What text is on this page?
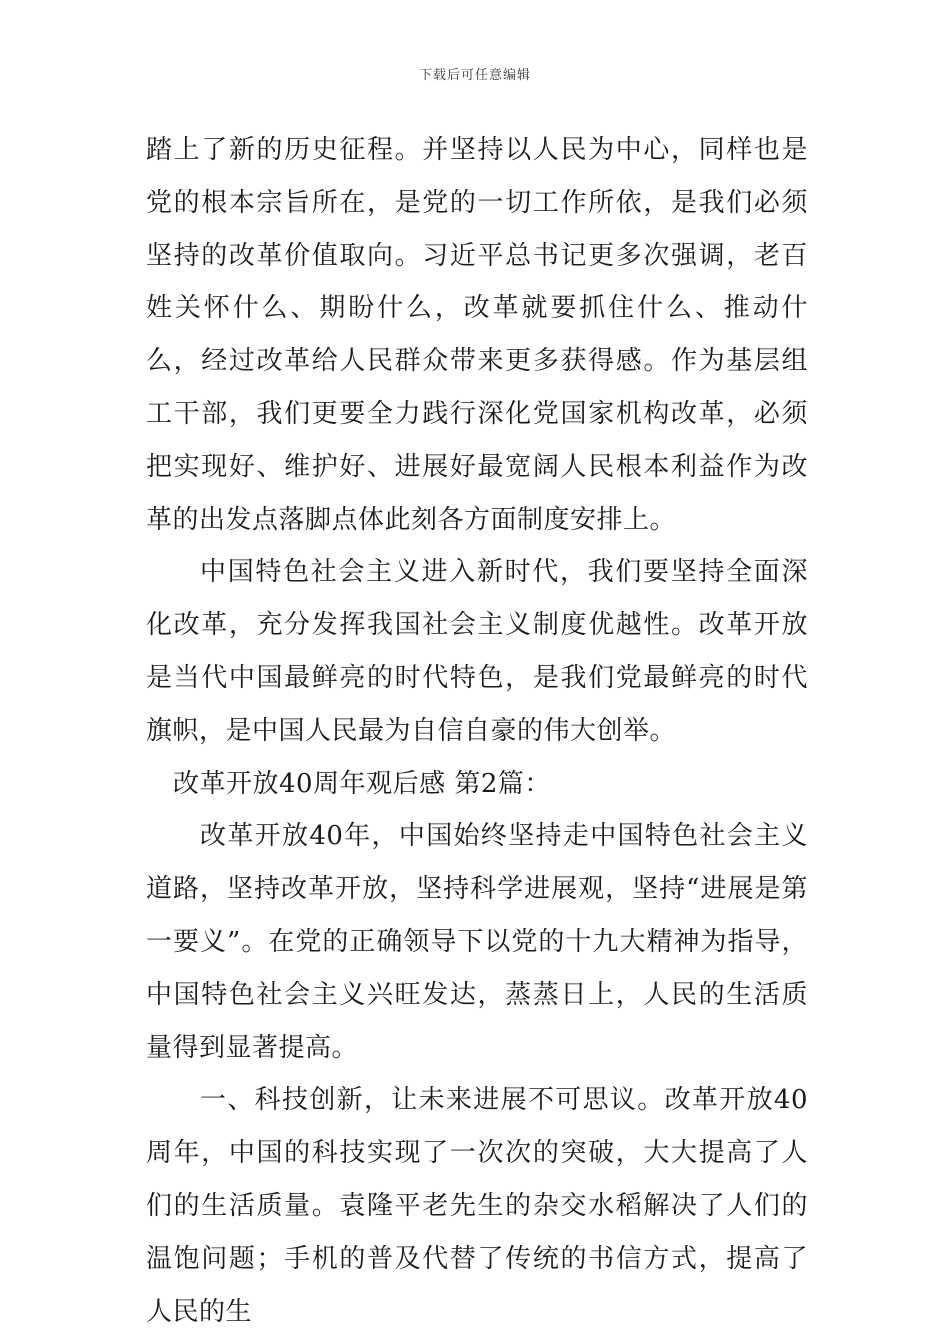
下载后可任意编辑

踏上了新的历史征程。并坚持以人民为中心，同样也是党的根本宗旨所在，是党的一切工作所依，是我们必须坚持的改革价值取向。习近平总书记更多次强调，老百姓关怀什么、期盼什么，改革就要抓住什么、推动什么，经过改革给人民群众带来更多获得感。作为基层组工干部，我们更要全力践行深化党国家机构改革，必须把实现好、维护好、进展好最宽阔人民根本利益作为改革的出发点落脚点体此刻各方面制度安排上。

中国特色社会主义进入新时代，我们要坚持全面深化改革，充分发挥我国社会主义制度优越性。改革开放是当代中国最鲜亮的时代特色，是我们党最鲜亮的时代旗帜，是中国人民最为自信自豪的伟大创举。

改革开放40周年观后感 第2篇：

改革开放40年，中国始终坚持走中国特色社会主义道路，坚持改革开放，坚持科学进展观，坚持“进展是第一要义”。在党的正确领导下以党的十九大精神为指导，中国特色社会主义兴旺发达，蒸蒸日上，人民的生活质量得到显著提高。

一、科技创新，让未来进展不可思议。改革开放40周年，中国的科技实现了一次次的突破，大大提高了人们的生活质量。袁隆平老先生的杂交水稻解决了人们的温饱问题；手机的普及代替了传统的书信方式，提高了人民的生
